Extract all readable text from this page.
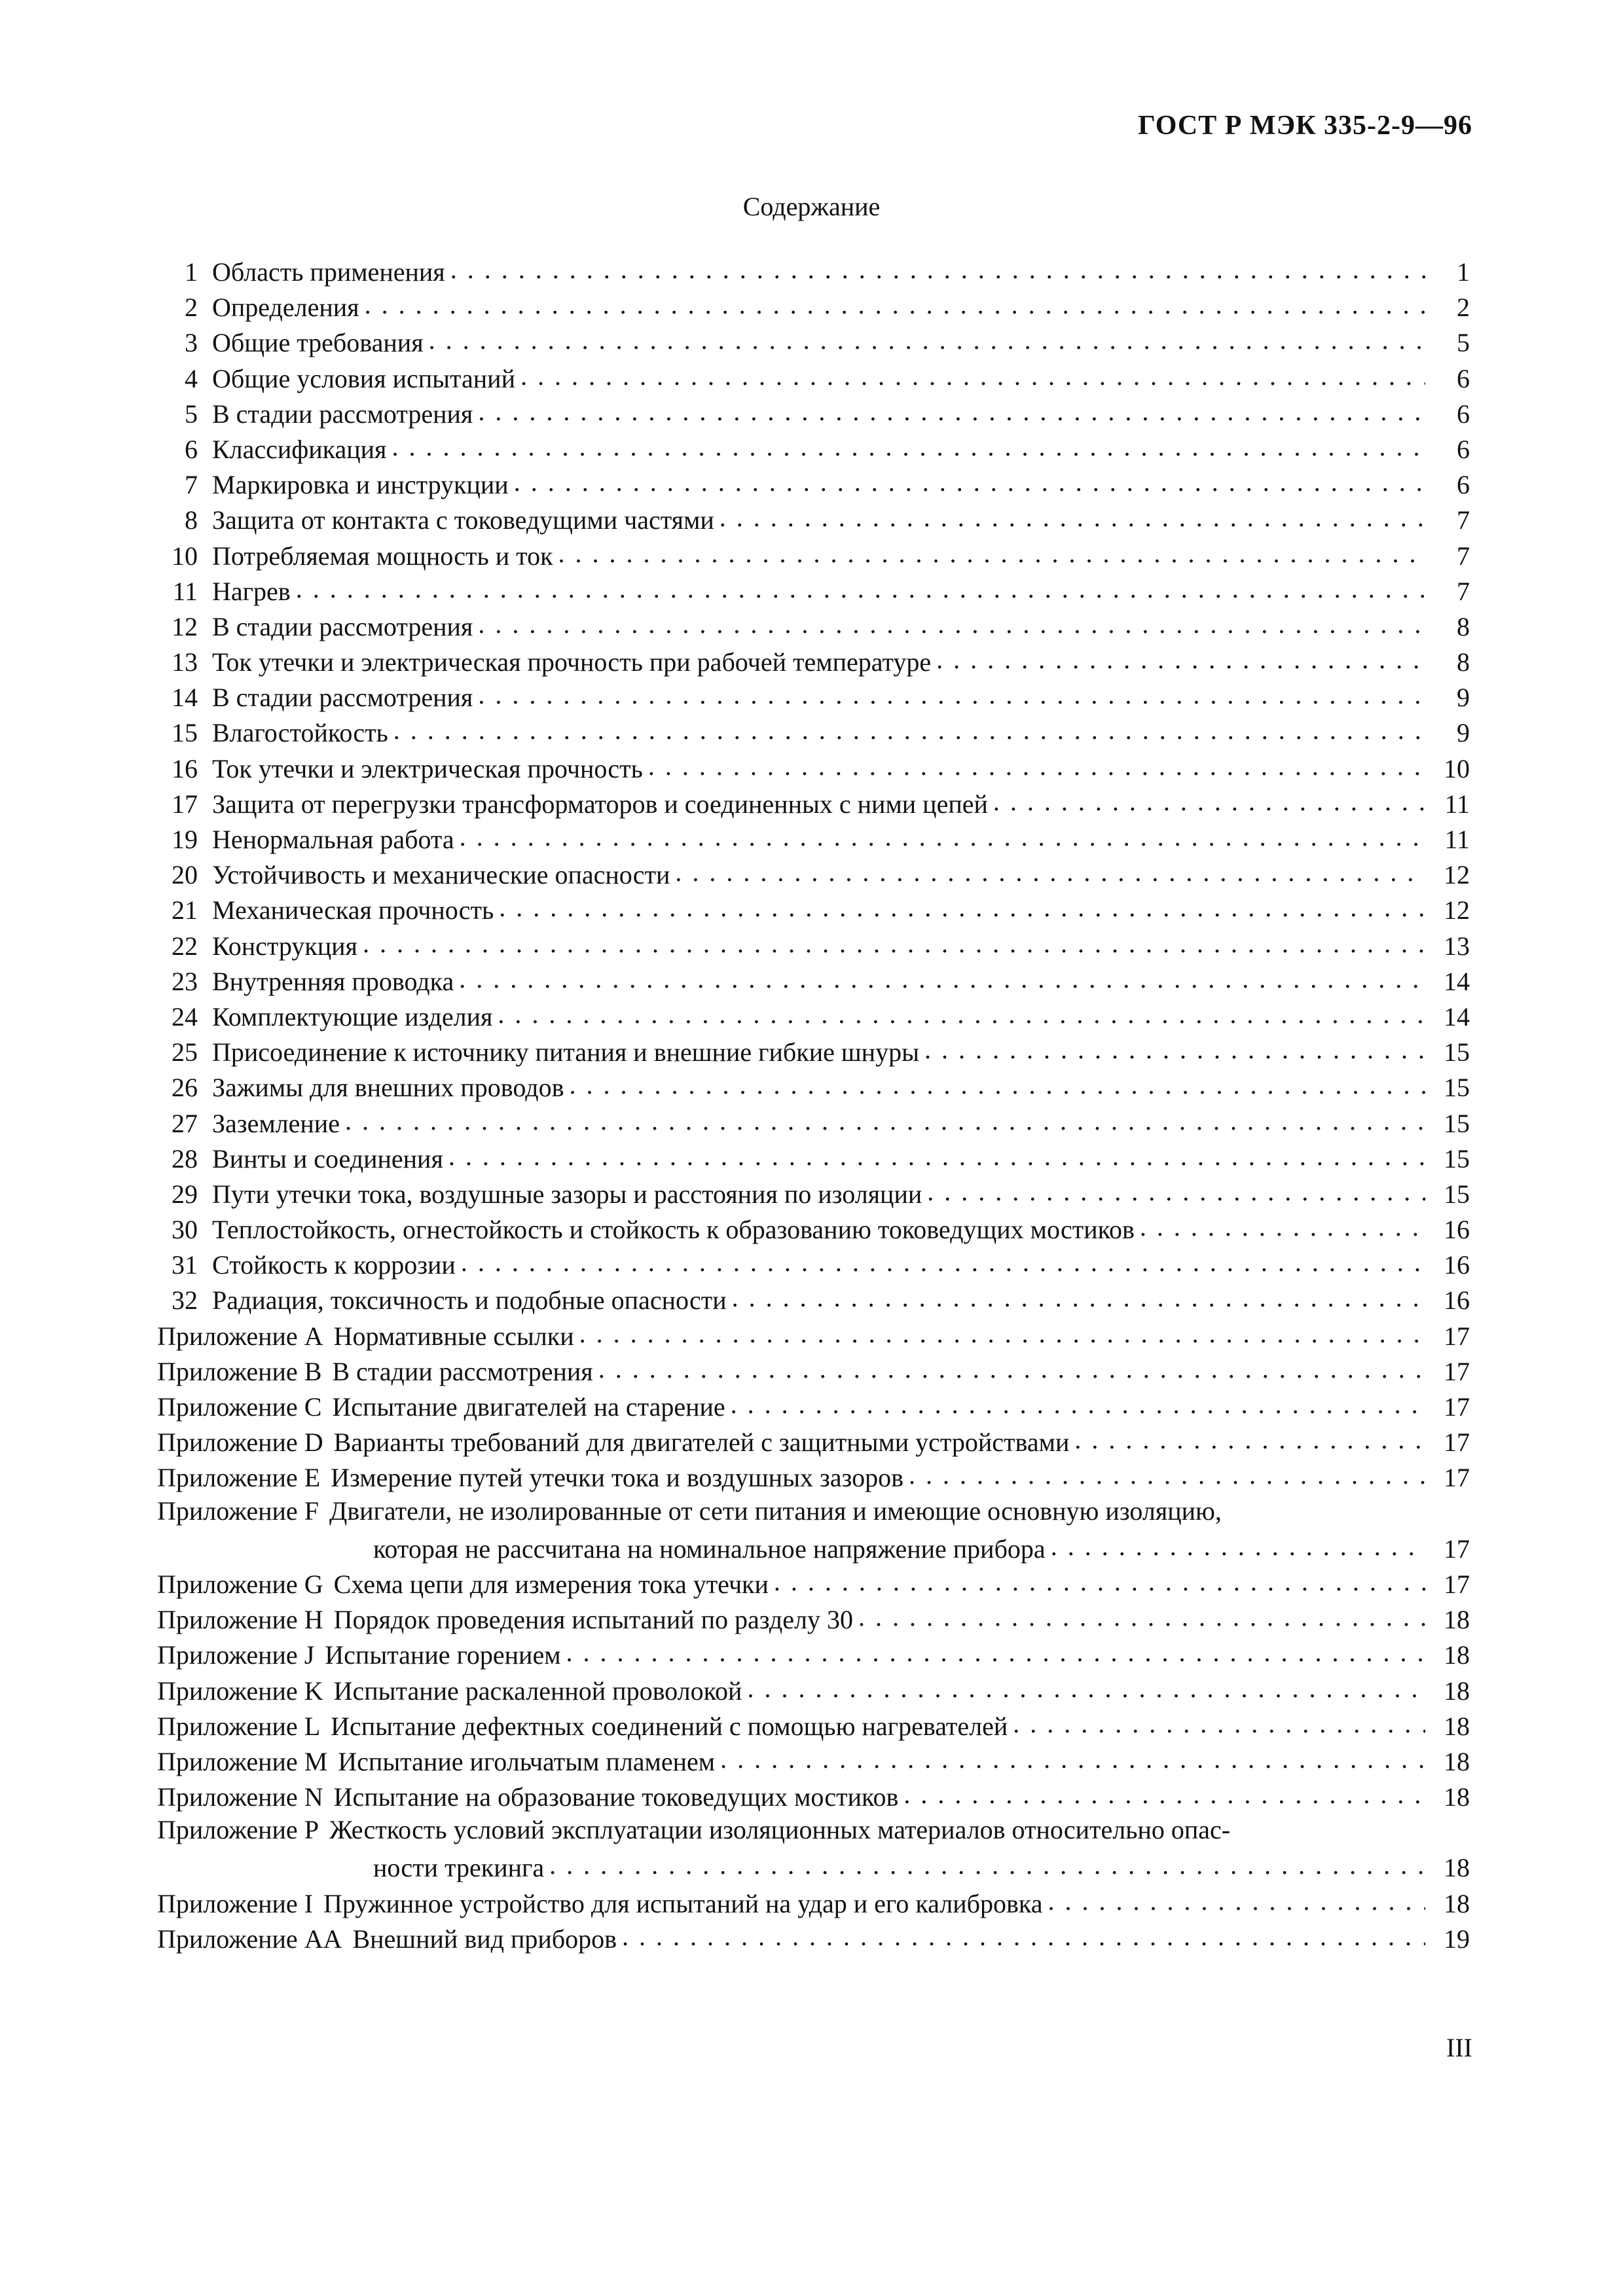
ГОСТ Р МЭК 335-2-9—96
Содержание
1 Область применения . . .	1
2 Определения . . .	2
3 Общие требования . . .	5
4 Общие условия испытаний . . .	6
5 В стадии рассмотрения . . .	6
6 Классификация . . .	6
7 Маркировка и инструкции . . .	6
8 Защита от контакта с токоведущими частями . . .	7
10 Потребляемая мощность и ток . . .	7
11 Нагрев . . .	7
12 В стадии рассмотрения . . .	8
13 Ток утечки и электрическая прочность при рабочей температуре . . .	8
14 В стадии рассмотрения . . .	9
15 Влагостойкость . . .	9
16 Ток утечки и электрическая прочность . . .	10
17 Защита от перегрузки трансформаторов и соединенных с ними цепей . . .	11
19 Ненормальная работа . . .	11
20 Устойчивость и механические опасности . . .	12
21 Механическая прочность . . .	12
22 Конструкция . . .	13
23 Внутренняя проводка . . .	14
24 Комплектующие изделия . . .	14
25 Присоединение к источнику питания и внешние гибкие шнуры . . .	15
26 Зажимы для внешних проводов . . .	15
27 Заземление . . .	15
28 Винты и соединения . . .	15
29 Пути утечки тока, воздушные зазоры и расстояния по изоляции . . .	15
30 Теплостойкость, огнестойкость и стойкость к образованию токоведущих мостиков . . .	16
31 Стойкость к коррозии . . .	16
32 Радиация, токсичность и подобные опасности . . .	16
Приложение A Нормативные ссылки . . .	17
Приложение B В стадии рассмотрения . . .	17
Приложение C Испытание двигателей на старение . . .	17
Приложение D Варианты требований для двигателей с защитными устройствами . . .	17
Приложение E Измерение путей утечки тока и воздушных зазоров . . .	17
Приложение F Двигатели, не изолированные от сети питания и имеющие основную изоляцию,
которая не рассчитана на номинальное напряжение прибора . . .	17
Приложение G Схема цепи для измерения тока утечки . . .	17
Приложение H Порядок проведения испытаний по разделу 30 . . .	18
Приложение J Испытание горением . . .	18
Приложение K Испытание раскаленной проволокой . . .	18
Приложение L Испытание дефектных соединений с помощью нагревателей . . .	18
Приложение M Испытание игольчатым пламенем . . .	18
Приложение N Испытание на образование токоведущих мостиков . . .	18
Приложение P Жесткость условий эксплуатации изоляционных материалов относительно опас-
ности трекинга . . .	18
Приложение I Пружинное устройство для испытаний на удар и его калибровка . . .	18
Приложение AA Внешний вид приборов . . .	19
III
